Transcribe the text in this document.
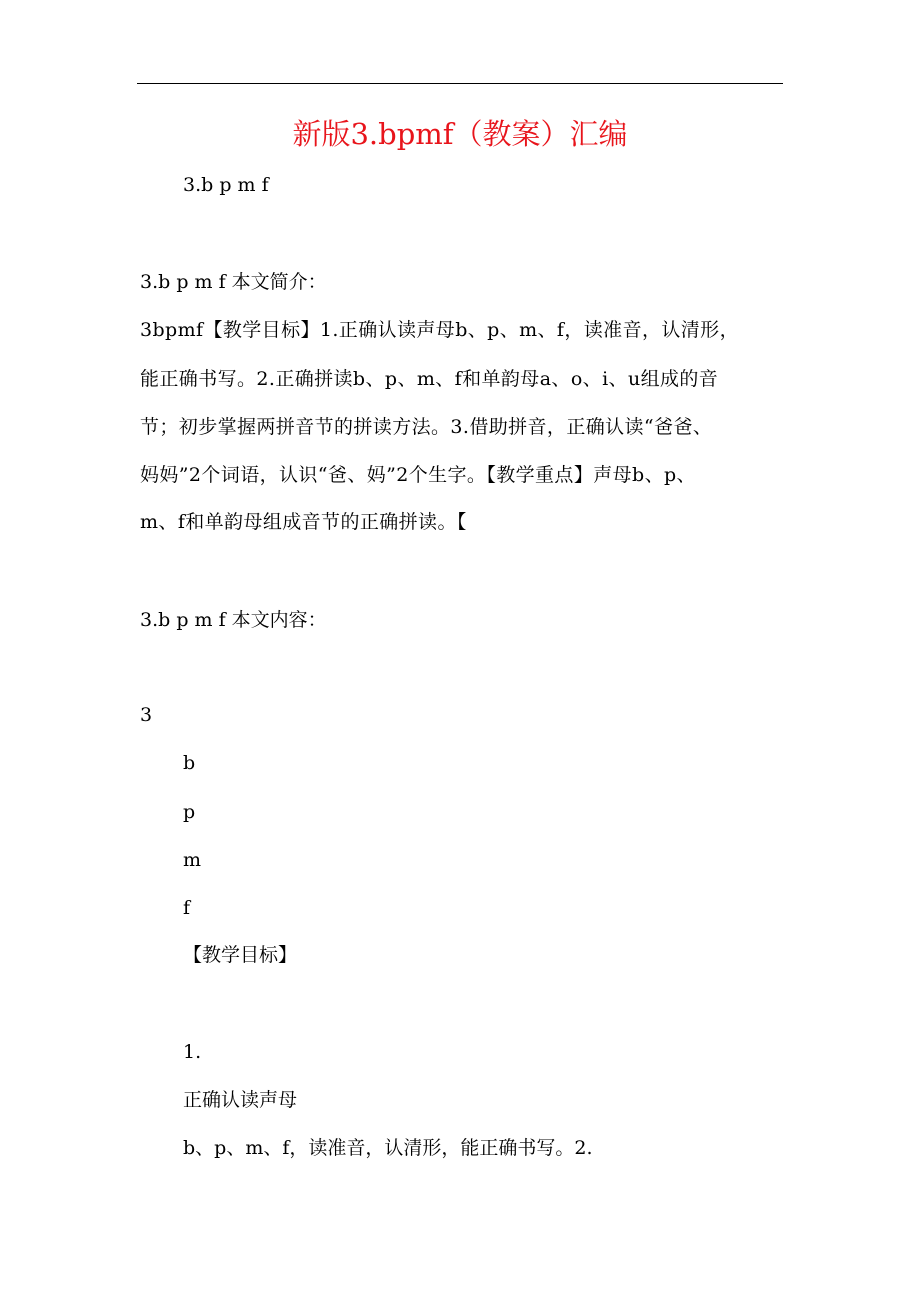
新版3.bpmf（教案）汇编
3.b p m f
3.b p m f 本文简介：
3bpmf【教学目标】1.正确认读声母b、p、m、f，读准音，认清形，
能正确书写。2.正确拼读b、p、m、f和单韵母a、o、i、u组成的音
节；初步掌握两拼音节的拼读方法。3.借助拼音，正确认读“爸爸、
妈妈”2个词语，认识“爸、妈”2个生字。【教学重点】声母b、p、
m、f和单韵母组成音节的正确拼读。【
3.b p m f 本文内容：
3
b
p
m
f
【教学目标】
1.
正确认读声母
b、p、m、f，读准音，认清形，能正确书写。2.
